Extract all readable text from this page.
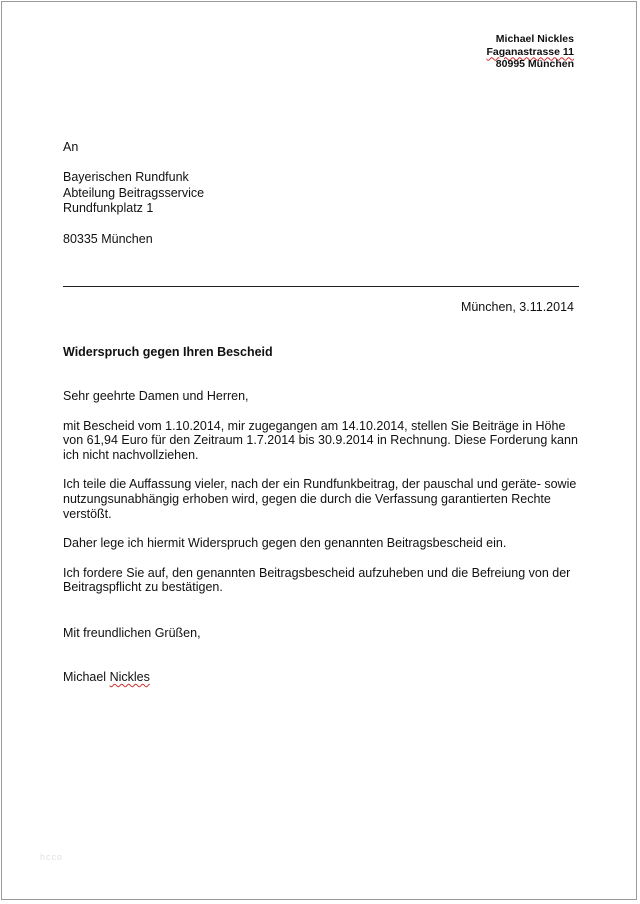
Michael Nickles
Faganastrasse 11
80995 München
An
Bayerischen Rundfunk
Abteilung Beitragsservice
Rundfunkplatz 1
80335 München
München, 3.11.2014
Widerspruch gegen Ihren Bescheid

Sehr geehrte Damen und Herren,

mit Bescheid vom 1.10.2014, mir zugegangen am 14.10.2014, stellen Sie Beiträge in Höhe von 61,94 Euro für den Zeitraum 1.7.2014 bis 30.9.2014 in Rechnung. Diese Forderung kann ich nicht nachvollziehen.

Ich teile die Auffassung vieler, nach der ein Rundfunkbeitrag, der pauschal und geräte- sowie nutzungsunabhängig erhoben wird, gegen die durch die Verfassung garantierten Rechte verstößt.

Daher lege ich hiermit Widerspruch gegen den genannten Beitragsbescheid ein.

Ich fordere Sie auf, den genannten Beitragsbescheid aufzuheben und die Befreiung von der Beitragspflicht zu bestätigen.

Mit freundlichen Grüßen,
Michael Nickles
hcco
